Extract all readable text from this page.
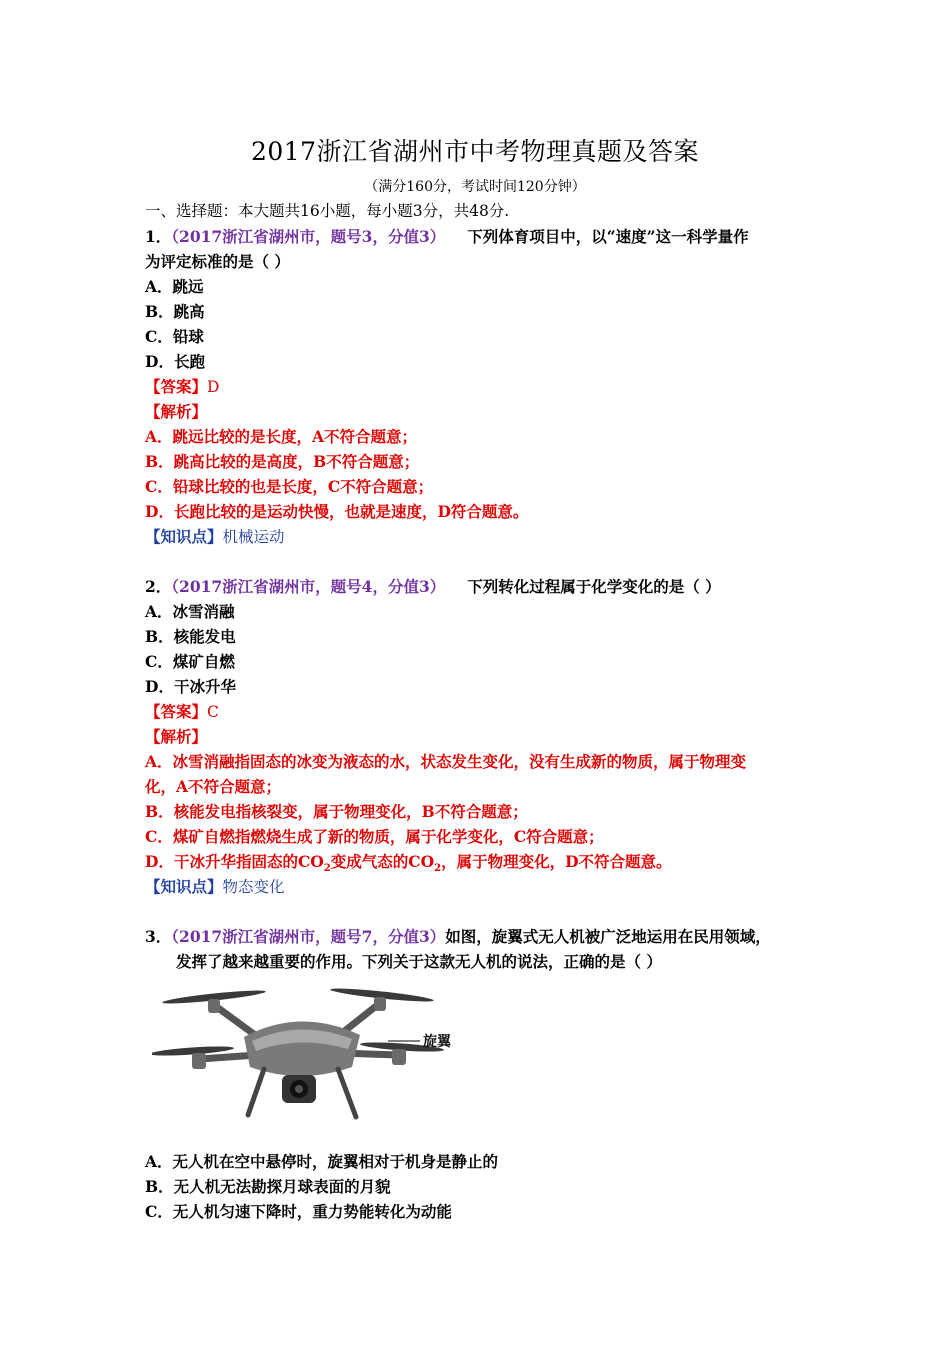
2017浙江省湖州市中考物理真题及答案
（满分160分，考试时间120分钟）
一、选择题：本大题共16小题，每小题3分，共48分.
1．（2017浙江省湖州市，题号3，分值3） 下列体育项目中，以“速度”这一科学量作
为评定标准的是（ ）
A．跳远
B．跳高
C．铅球
D．长跑
【答案】D
【解析】
A．跳远比较的是长度，A不符合题意；
B．跳高比较的是高度，B不符合题意；
C．铅球比较的也是长度，C不符合题意；
D．长跑比较的是运动快慢，也就是速度，D符合题意。
【知识点】机械运动
2．（2017浙江省湖州市，题号4，分值3） 下列转化过程属于化学变化的是（ ）
A．冰雪消融
B．核能发电
C．煤矿自燃
D．干冰升华
【答案】C
【解析】
A．冰雪消融指固态的冰变为液态的水，状态发生变化，没有生成新的物质，属于物理变
化，A不符合题意；
B．核能发电指核裂变，属于物理变化，B不符合题意；
C．煤矿自燃指燃烧生成了新的物质，属于化学变化，C符合题意；
D．干冰升华指固态的$CO_2$变成气态的$CO_2$，属于物理变化，D不符合题意。
【知识点】物态变化
3．（2017浙江省湖州市，题号7，分值3）如图，旋翼式无人机被广泛地运用在民用领域，
发挥了越来越重要的作用。下列关于这款无人机的说法，正确的是（ ）
旋翼
A．无人机在空中悬停时，旋翼相对于机身是静止的
B．无人机无法勘探月球表面的月貌
C．无人机匀速下降时，重力势能转化为动能
